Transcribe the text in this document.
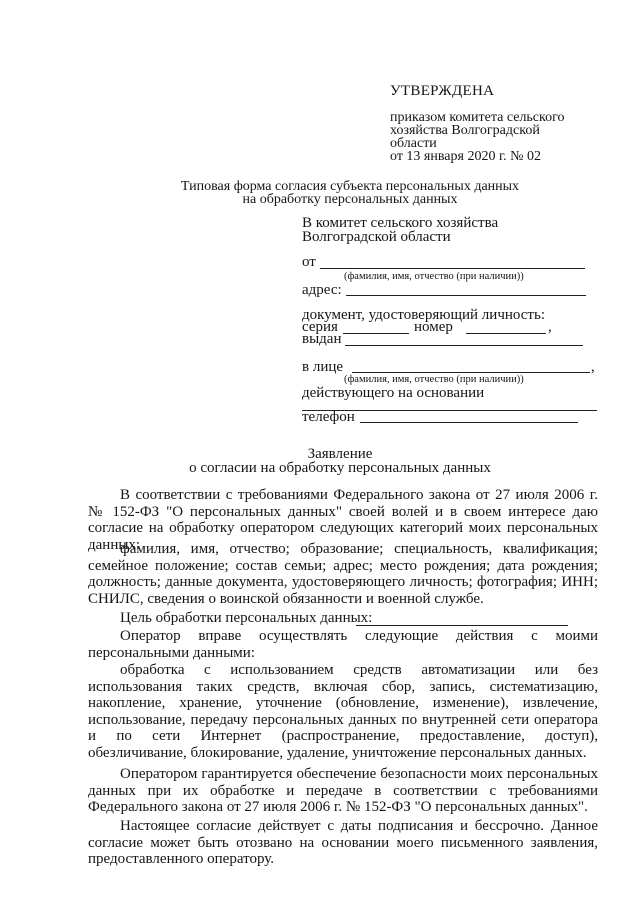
УТВЕРЖДЕНА
приказом комитета сельского
хозяйства Волгоградской
области
от 13 января 2020 г. № 02
Типовая форма согласия субъекта персональных данных
на обработку персональных данных
В комитет сельского хозяйства
Волгоградской области
от
(фамилия, имя, отчество (при наличии))
адрес:
документ, удостоверяющий личность:
серия	номер	,
выдан
в лице	,
(фамилия, имя, отчество (при наличии))
действующего на основании
телефон
Заявление
о согласии на обработку персональных данных
В соответствии с требованиями Федерального закона от 27 июля 2006 г. № 152-ФЗ "О персональных данных" своей волей и в своем интересе даю согласие на обработку оператором следующих категорий моих персональных данных:
фамилия, имя, отчество; образование; специальность, квалификация; семейное положение; состав семьи; адрес; место рождения; дата рождения; должность; данные документа, удостоверяющего личность; фотография; ИНН; СНИЛС, сведения о воинской обязанности и военной службе.
Цель обработки персональных данных:
Оператор вправе осуществлять следующие действия с моими персональными данными:
обработка с использованием средств автоматизации или без использования таких средств, включая сбор, запись, систематизацию, накопление, хранение, уточнение (обновление, изменение), извлечение, использование, передачу персональных данных по внутренней сети оператора и по сети Интернет (распространение, предоставление, доступ), обезличивание, блокирование, удаление, уничтожение персональных данных.
Оператором гарантируется обеспечение безопасности моих персональных данных при их обработке и передаче в соответствии с требованиями Федерального закона от 27 июля 2006 г. № 152-ФЗ "О персональных данных".
Настоящее согласие действует с даты подписания и бессрочно. Данное согласие может быть отозвано на основании моего письменного заявления, предоставленного оператору.
